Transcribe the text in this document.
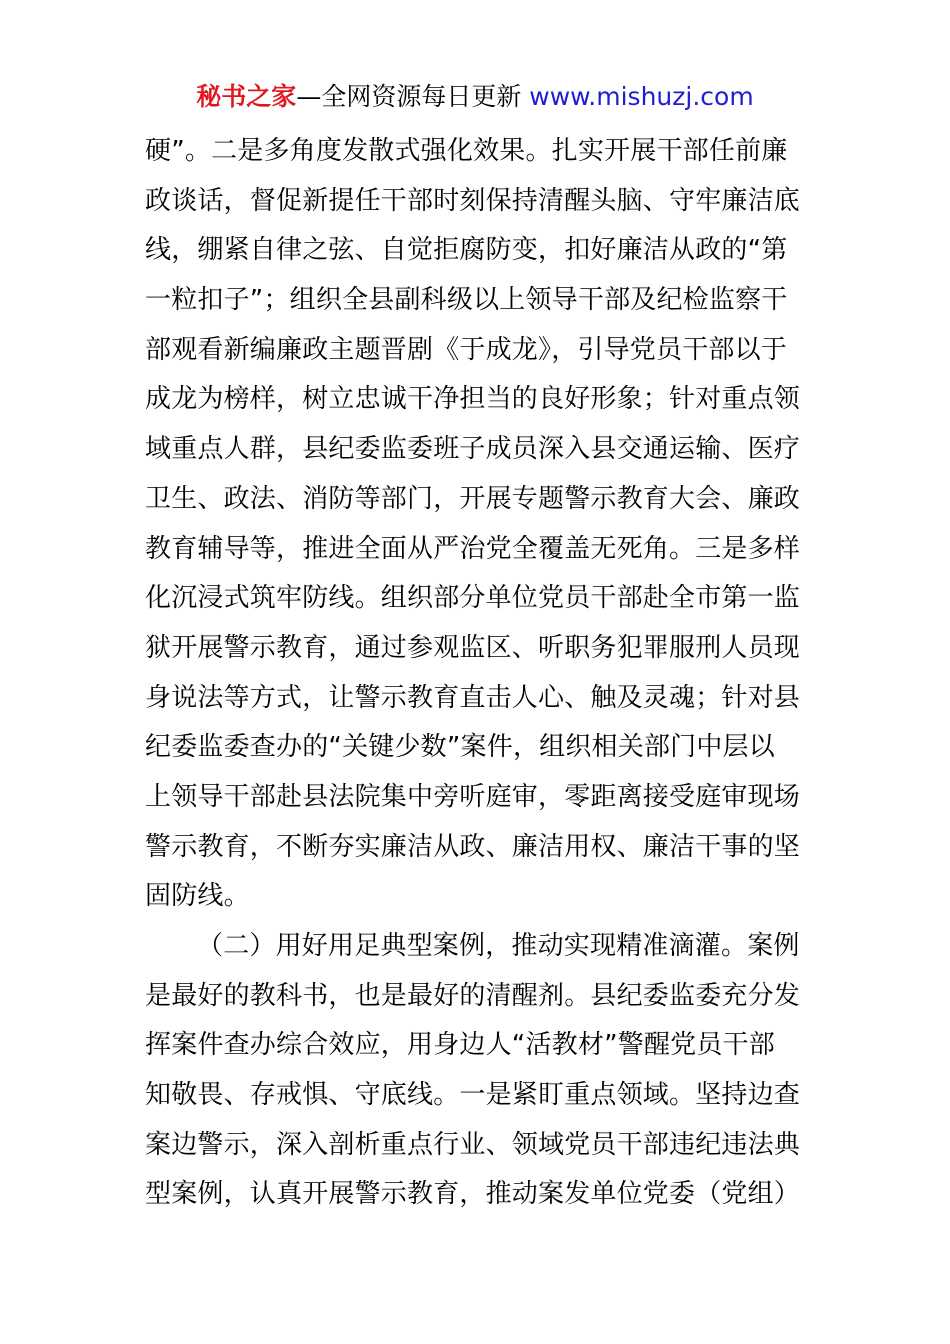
秘书之家—全网资源每日更新 www.mishuzj.com
硬”。二是多角度发散式强化效果。扎实开展干部任前廉
政谈话，督促新提任干部时刻保持清醒头脑、守牢廉洁底
线，绷紧自律之弦、自觉拒腐防变，扣好廉洁从政的“第
一粒扣子”；组织全县副科级以上领导干部及纪检监察干
部观看新编廉政主题晋剧《于成龙》，引导党员干部以于
成龙为榜样，树立忠诚干净担当的良好形象；针对重点领
域重点人群，县纪委监委班子成员深入县交通运输、医疗
卫生、政法、消防等部门，开展专题警示教育大会、廉政
教育辅导等，推进全面从严治党全覆盖无死角。三是多样
化沉浸式筑牢防线。组织部分单位党员干部赴全市第一监
狱开展警示教育，通过参观监区、听职务犯罪服刑人员现
身说法等方式，让警示教育直击人心、触及灵魂；针对县
纪委监委查办的“关键少数”案件，组织相关部门中层以
上领导干部赴县法院集中旁听庭审，零距离接受庭审现场
警示教育，不断夯实廉洁从政、廉洁用权、廉洁干事的坚
固防线。
（二）用好用足典型案例，推动实现精准滴灌。案例
是最好的教科书，也是最好的清醒剂。县纪委监委充分发
挥案件查办综合效应，用身边人“活教材”警醒党员干部
知敬畏、存戒惧、守底线。一是紧盯重点领域。坚持边查
案边警示，深入剖析重点行业、领域党员干部违纪违法典
型案例，认真开展警示教育，推动案发单位党委（党组）
